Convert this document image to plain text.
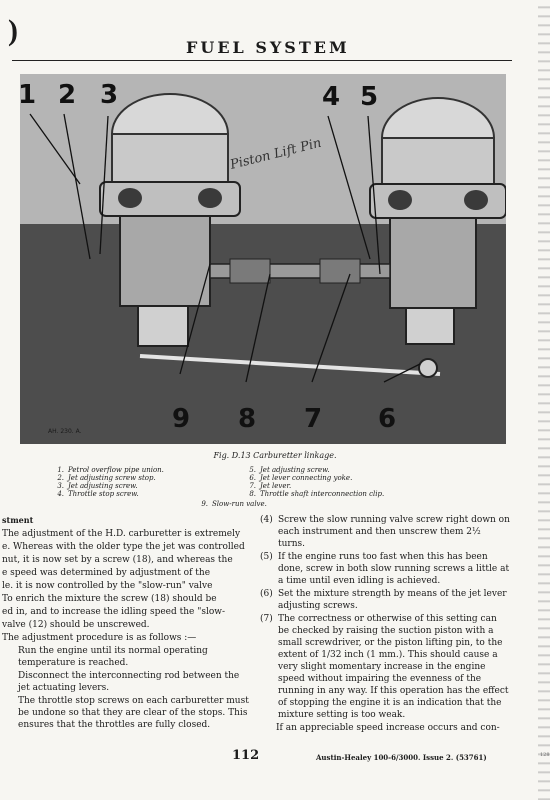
)
FUEL SYSTEM
Piston Lift Pin
1 2 3	4 5
9 8 7 6
AH. 230. A.
Fig. D.13 Carburetter linkage.
1. Petrol overflow pipe union.
2. Jet adjusting screw stop.
3. Jet adjusting screw.
4. Throttle stop screw.
5. Jet adjusting screw.
6. Jet lever connecting yoke.
7. Jet lever.
8. Throttle shaft interconnection clip.
9. Slow-run valve.
stment
The adjustment of the H.D. carburetter is extremely
e. Whereas with the older type the jet was controlled
nut, it is now set by a screw (18), and whereas the
e speed was determined by adjustment of the
le. it is now controlled by the "slow-run" valve
To enrich the mixture the screw (18) should be
ed in, and to increase the idling speed the "slow-
valve (12) should be unscrewed.
The adjustment procedure is as follows :—
Run the engine until its normal operating temperature is reached.
Disconnect the interconnecting rod between the jet actuating levers.
The throttle stop screws on each carburetter must be undone so that they are clear of the stops. This ensures that the throttles are fully closed.
(4) Screw the slow running valve screw right down on each instrument and then unscrew them 2½ turns.
(5) If the engine runs too fast when this has been done, screw in both slow running screws a little at a time until even idling is achieved.
(6) Set the mixture strength by means of the jet lever adjusting screws.
(7) The correctness or otherwise of this setting can be checked by raising the suction piston with a small screwdriver, or the piston lifting pin, to the extent of 1/32 inch (1 mm.). This should cause a very slight momentary increase in the engine speed without impairing the evenness of the running in any way. If this operation has the effect of stopping the engine it is an indication that the mixture setting is too weak.
If an appreciable speed increase occurs and con-
112	Austin-Healey 100-6/3000. Issue 2. (53761)	128
